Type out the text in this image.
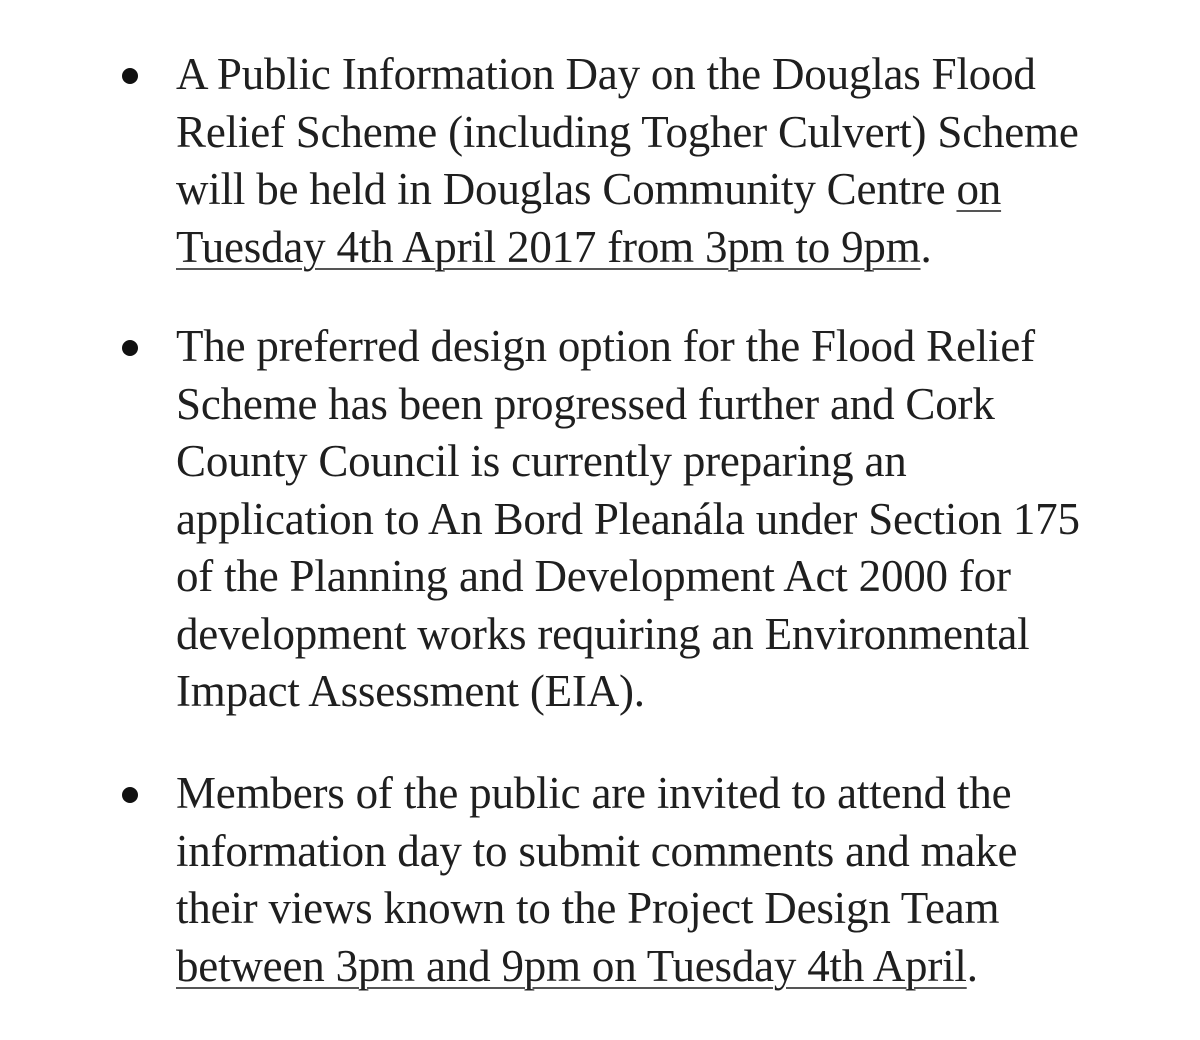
A Public Information Day on the Douglas Flood
Relief Scheme (including Togher Culvert) Scheme
will be held in Douglas Community Centre on
Tuesday 4th April 2017 from 3pm to 9pm.
The preferred design option for the Flood Relief
Scheme has been progressed further and Cork
County Council is currently preparing an
application to An Bord Pleanála under Section 175
of the Planning and Development Act 2000 for
development works requiring an Environmental
Impact Assessment (EIA).
Members of the public are invited to attend the
information day to submit comments and make
their views known to the Project Design Team
between 3pm and 9pm on Tuesday 4th April.
